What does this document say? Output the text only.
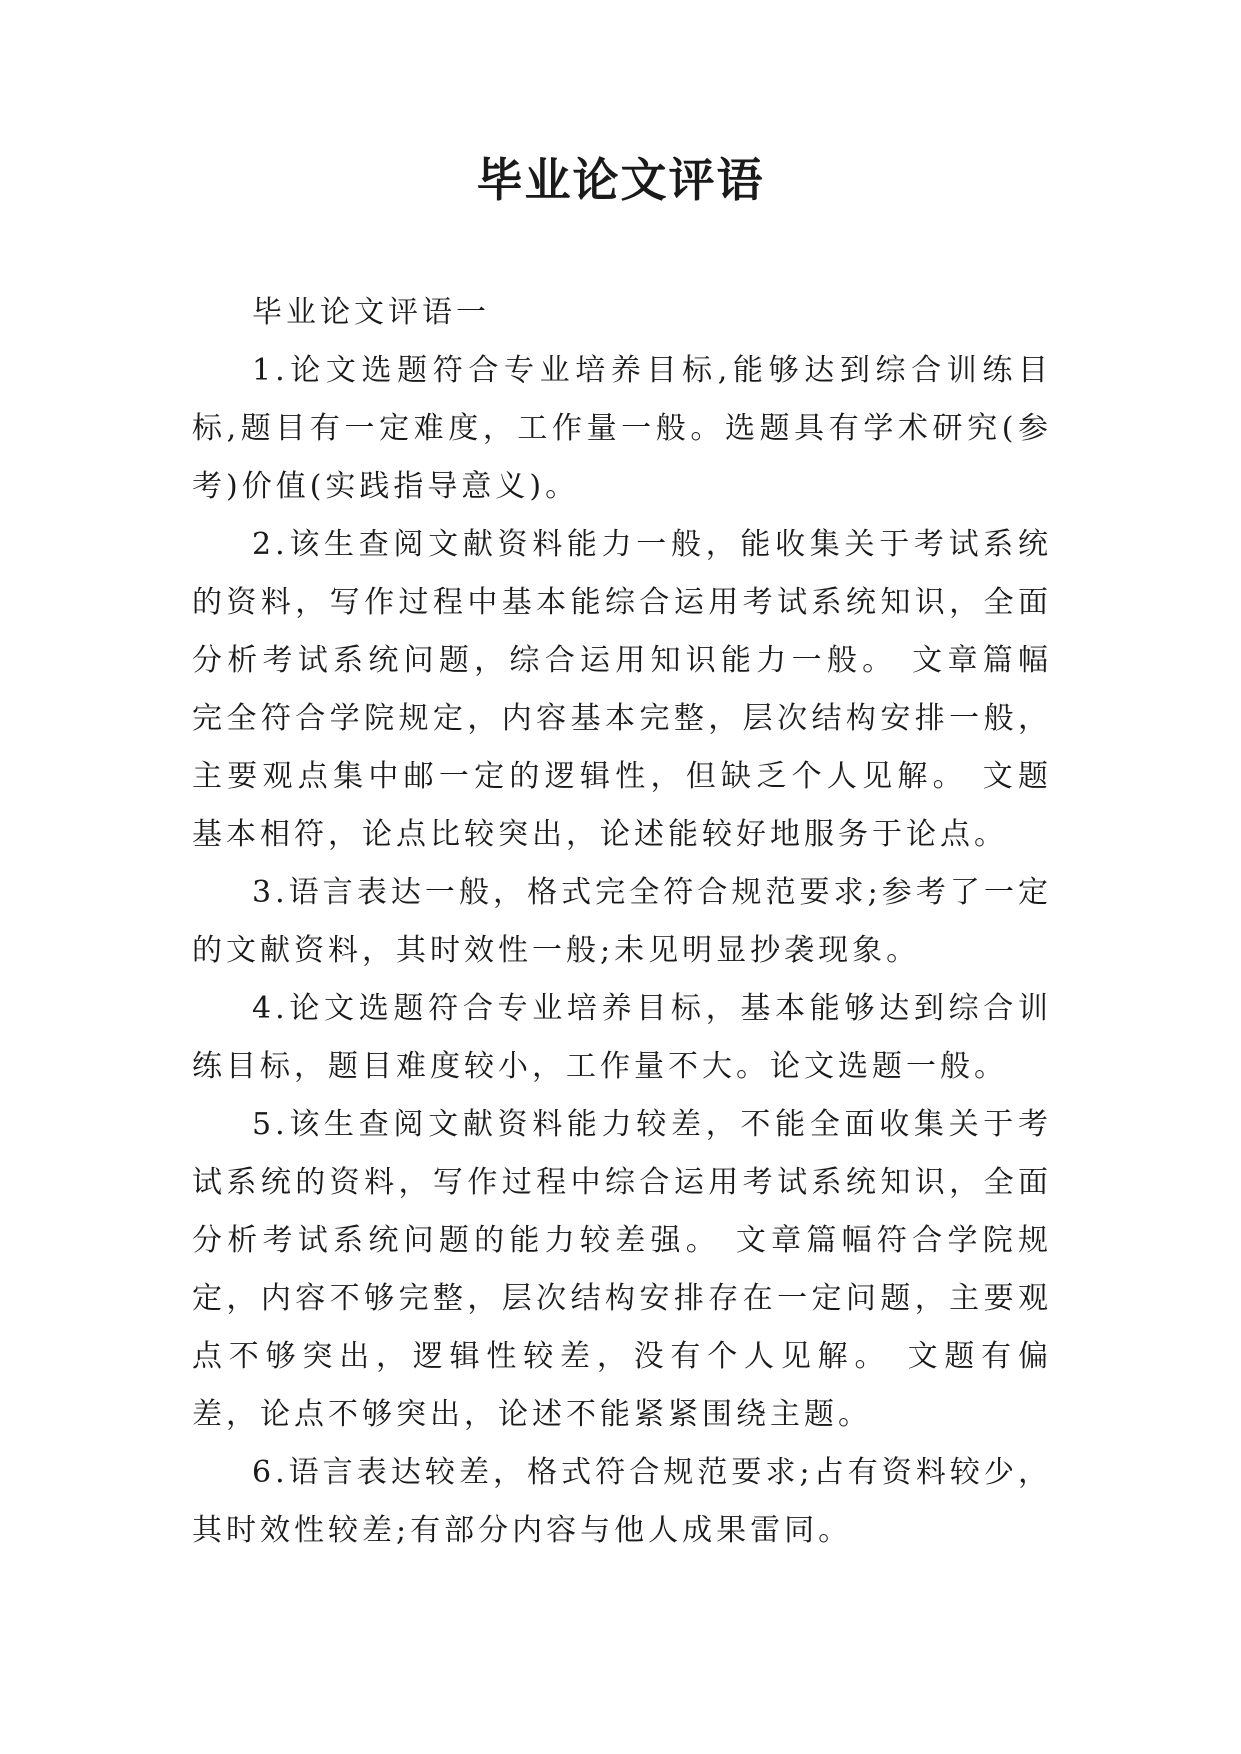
毕业论文评语

毕业论文评语一

1.论文选题符合专业培养目标,能够达到综合训练目标,题目有一定难度，工作量一般。选题具有学术研究(参考)价值(实践指导意义)。

2.该生查阅文献资料能力一般，能收集关于考试系统的资料，写作过程中基本能综合运用考试系统知识，全面分析考试系统问题，综合运用知识能力一般。 文章篇幅完全符合学院规定，内容基本完整，层次结构安排一般，主要观点集中邮一定的逻辑性，但缺乏个人见解。 文题基本相符，论点比较突出，论述能较好地服务于论点。

3.语言表达一般，格式完全符合规范要求;参考了一定的文献资料，其时效性一般;未见明显抄袭现象。

4.论文选题符合专业培养目标，基本能够达到综合训练目标，题目难度较小，工作量不大。论文选题一般。

5.该生查阅文献资料能力较差，不能全面收集关于考试系统的资料，写作过程中综合运用考试系统知识，全面分析考试系统问题的能力较差强。 文章篇幅符合学院规定，内容不够完整，层次结构安排存在一定问题，主要观点不够突出，逻辑性较差，没有个人见解。 文题有偏差，论点不够突出，论述不能紧紧围绕主题。

6.语言表达较差，格式符合规范要求;占有资料较少，其时效性较差;有部分内容与他人成果雷同。
